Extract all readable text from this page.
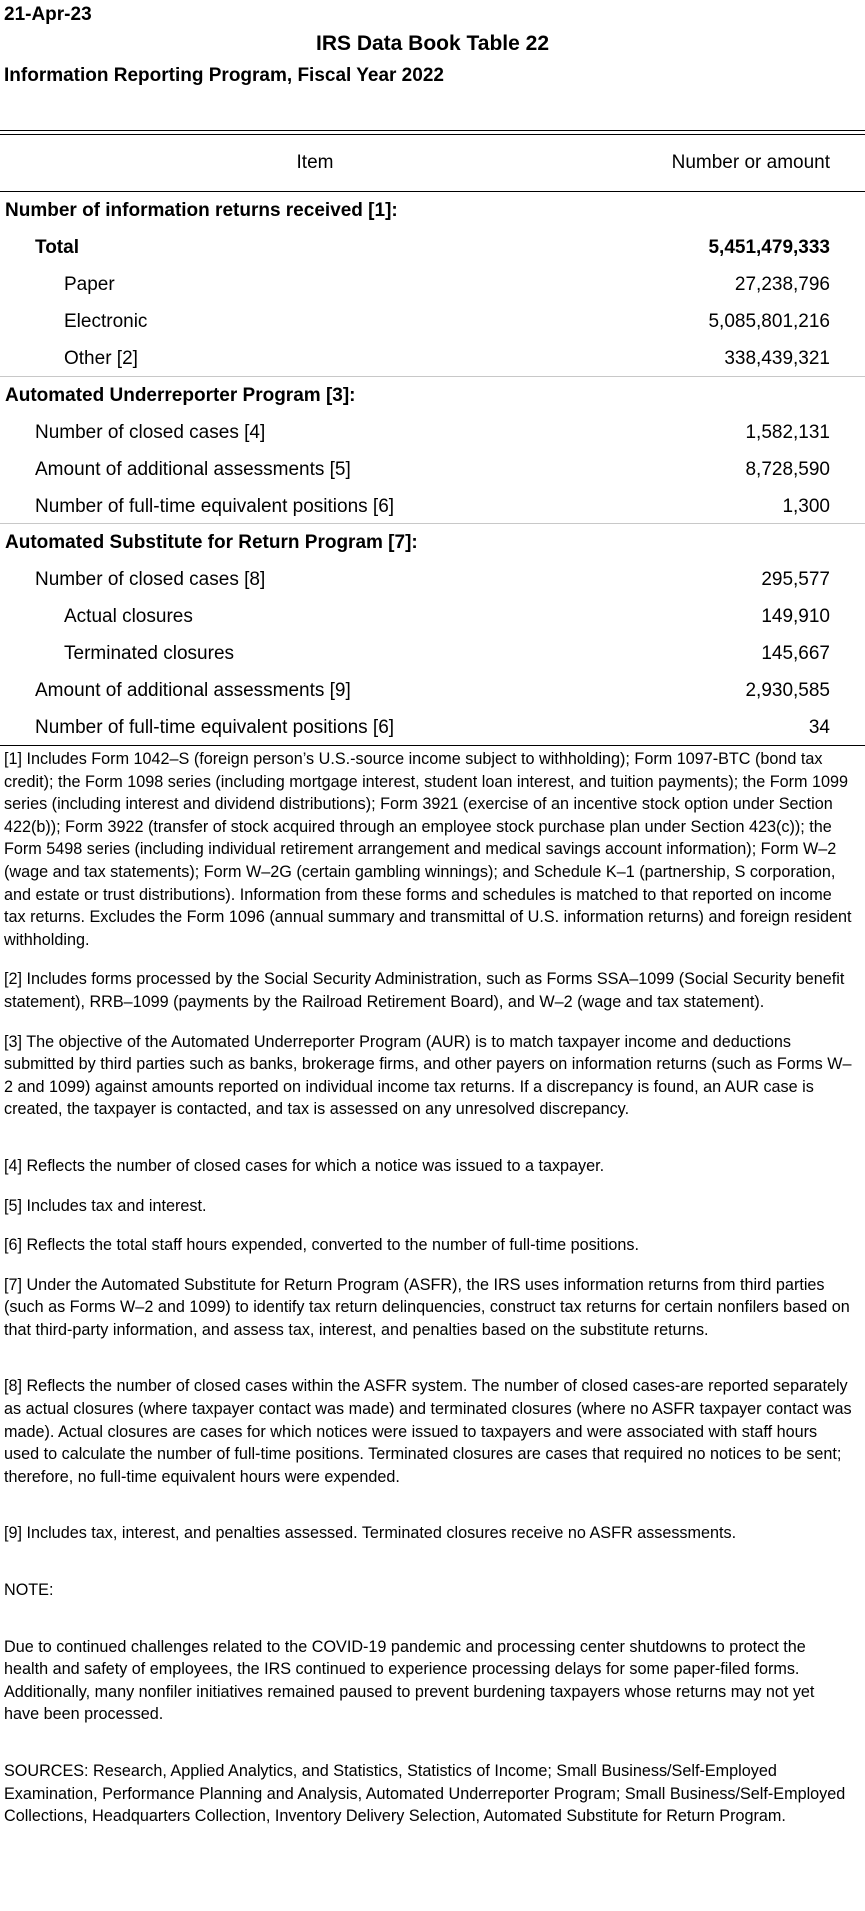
21-Apr-23
IRS Data Book Table 22
Information Reporting Program, Fiscal Year 2022
Item	Number or amount
Number of information returns received [1]:
Total	5,451,479,333
Paper	27,238,796
Electronic	5,085,801,216
Other [2]	338,439,321
Automated Underreporter Program [3]:
Number of closed cases [4]	1,582,131
Amount of additional assessments [5]	8,728,590
Number of full-time equivalent positions [6]	1,300
Automated Substitute for Return Program [7]:
Number of closed cases [8]	295,577
Actual closures	149,910
Terminated closures	145,667
Amount of additional assessments [9]	2,930,585
Number of full-time equivalent positions [6]	34

[1] Includes Form 1042–S (foreign person’s U.S.-source income subject to withholding); Form 1097-BTC (bond tax credit); the Form 1098 series (including mortgage interest, student loan interest, and tuition payments); the Form 1099 series (including interest and dividend distributions); Form 3921 (exercise of an incentive stock option under Section 422(b)); Form 3922 (transfer of stock acquired through an employee stock purchase plan under Section 423(c)); the Form 5498 series (including individual retirement arrangement and medical savings account information); Form W–2 (wage and tax statements); Form W–2G (certain gambling winnings); and Schedule K–1 (partnership, S corporation, and estate or trust distributions). Information from these forms and schedules is matched to that reported on income tax returns. Excludes the Form 1096 (annual summary and transmittal of U.S. information returns) and foreign resident withholding.

[2] Includes forms processed by the Social Security Administration, such as Forms SSA–1099 (Social Security benefit statement), RRB–1099 (payments by the Railroad Retirement Board), and W–2 (wage and tax statement).

[3] The objective of the Automated Underreporter Program (AUR) is to match taxpayer income and deductions submitted by third parties such as banks, brokerage firms, and other payers on information returns (such as Forms W–2 and 1099) against amounts reported on individual income tax returns. If a discrepancy is found, an AUR case is created, the taxpayer is contacted, and tax is assessed on any unresolved discrepancy.

[4] Reflects the number of closed cases for which a notice was issued to a taxpayer.

[5] Includes tax and interest.

[6] Reflects the total staff hours expended, converted to the number of full-time positions.

[7] Under the Automated Substitute for Return Program (ASFR), the IRS uses information returns from third parties (such as Forms W–2 and 1099) to identify tax return delinquencies, construct tax returns for certain nonfilers based on that third-party information, and assess tax, interest, and penalties based on the substitute returns.

[8] Reflects the number of closed cases within the ASFR system. The number of closed cases-are reported separately as actual closures (where taxpayer contact was made) and terminated closures (where no ASFR taxpayer contact was made). Actual closures are cases for which notices were issued to taxpayers and were associated with staff hours used to calculate the number of full-time positions. Terminated closures are cases that required no notices to be sent; therefore, no full-time equivalent hours were expended.

[9] Includes tax, interest, and penalties assessed. Terminated closures receive no ASFR assessments.

NOTE:

Due to continued challenges related to the COVID-19 pandemic and processing center shutdowns to protect the health and safety of employees, the IRS continued to experience processing delays for some paper-filed forms. Additionally, many nonfiler initiatives remained paused to prevent burdening taxpayers whose returns may not yet have been processed.

SOURCES: Research, Applied Analytics, and Statistics, Statistics of Income; Small Business/Self-Employed Examination, Performance Planning and Analysis, Automated Underreporter Program; Small Business/Self-Employed Collections, Headquarters Collection, Inventory Delivery Selection, Automated Substitute for Return Program.
